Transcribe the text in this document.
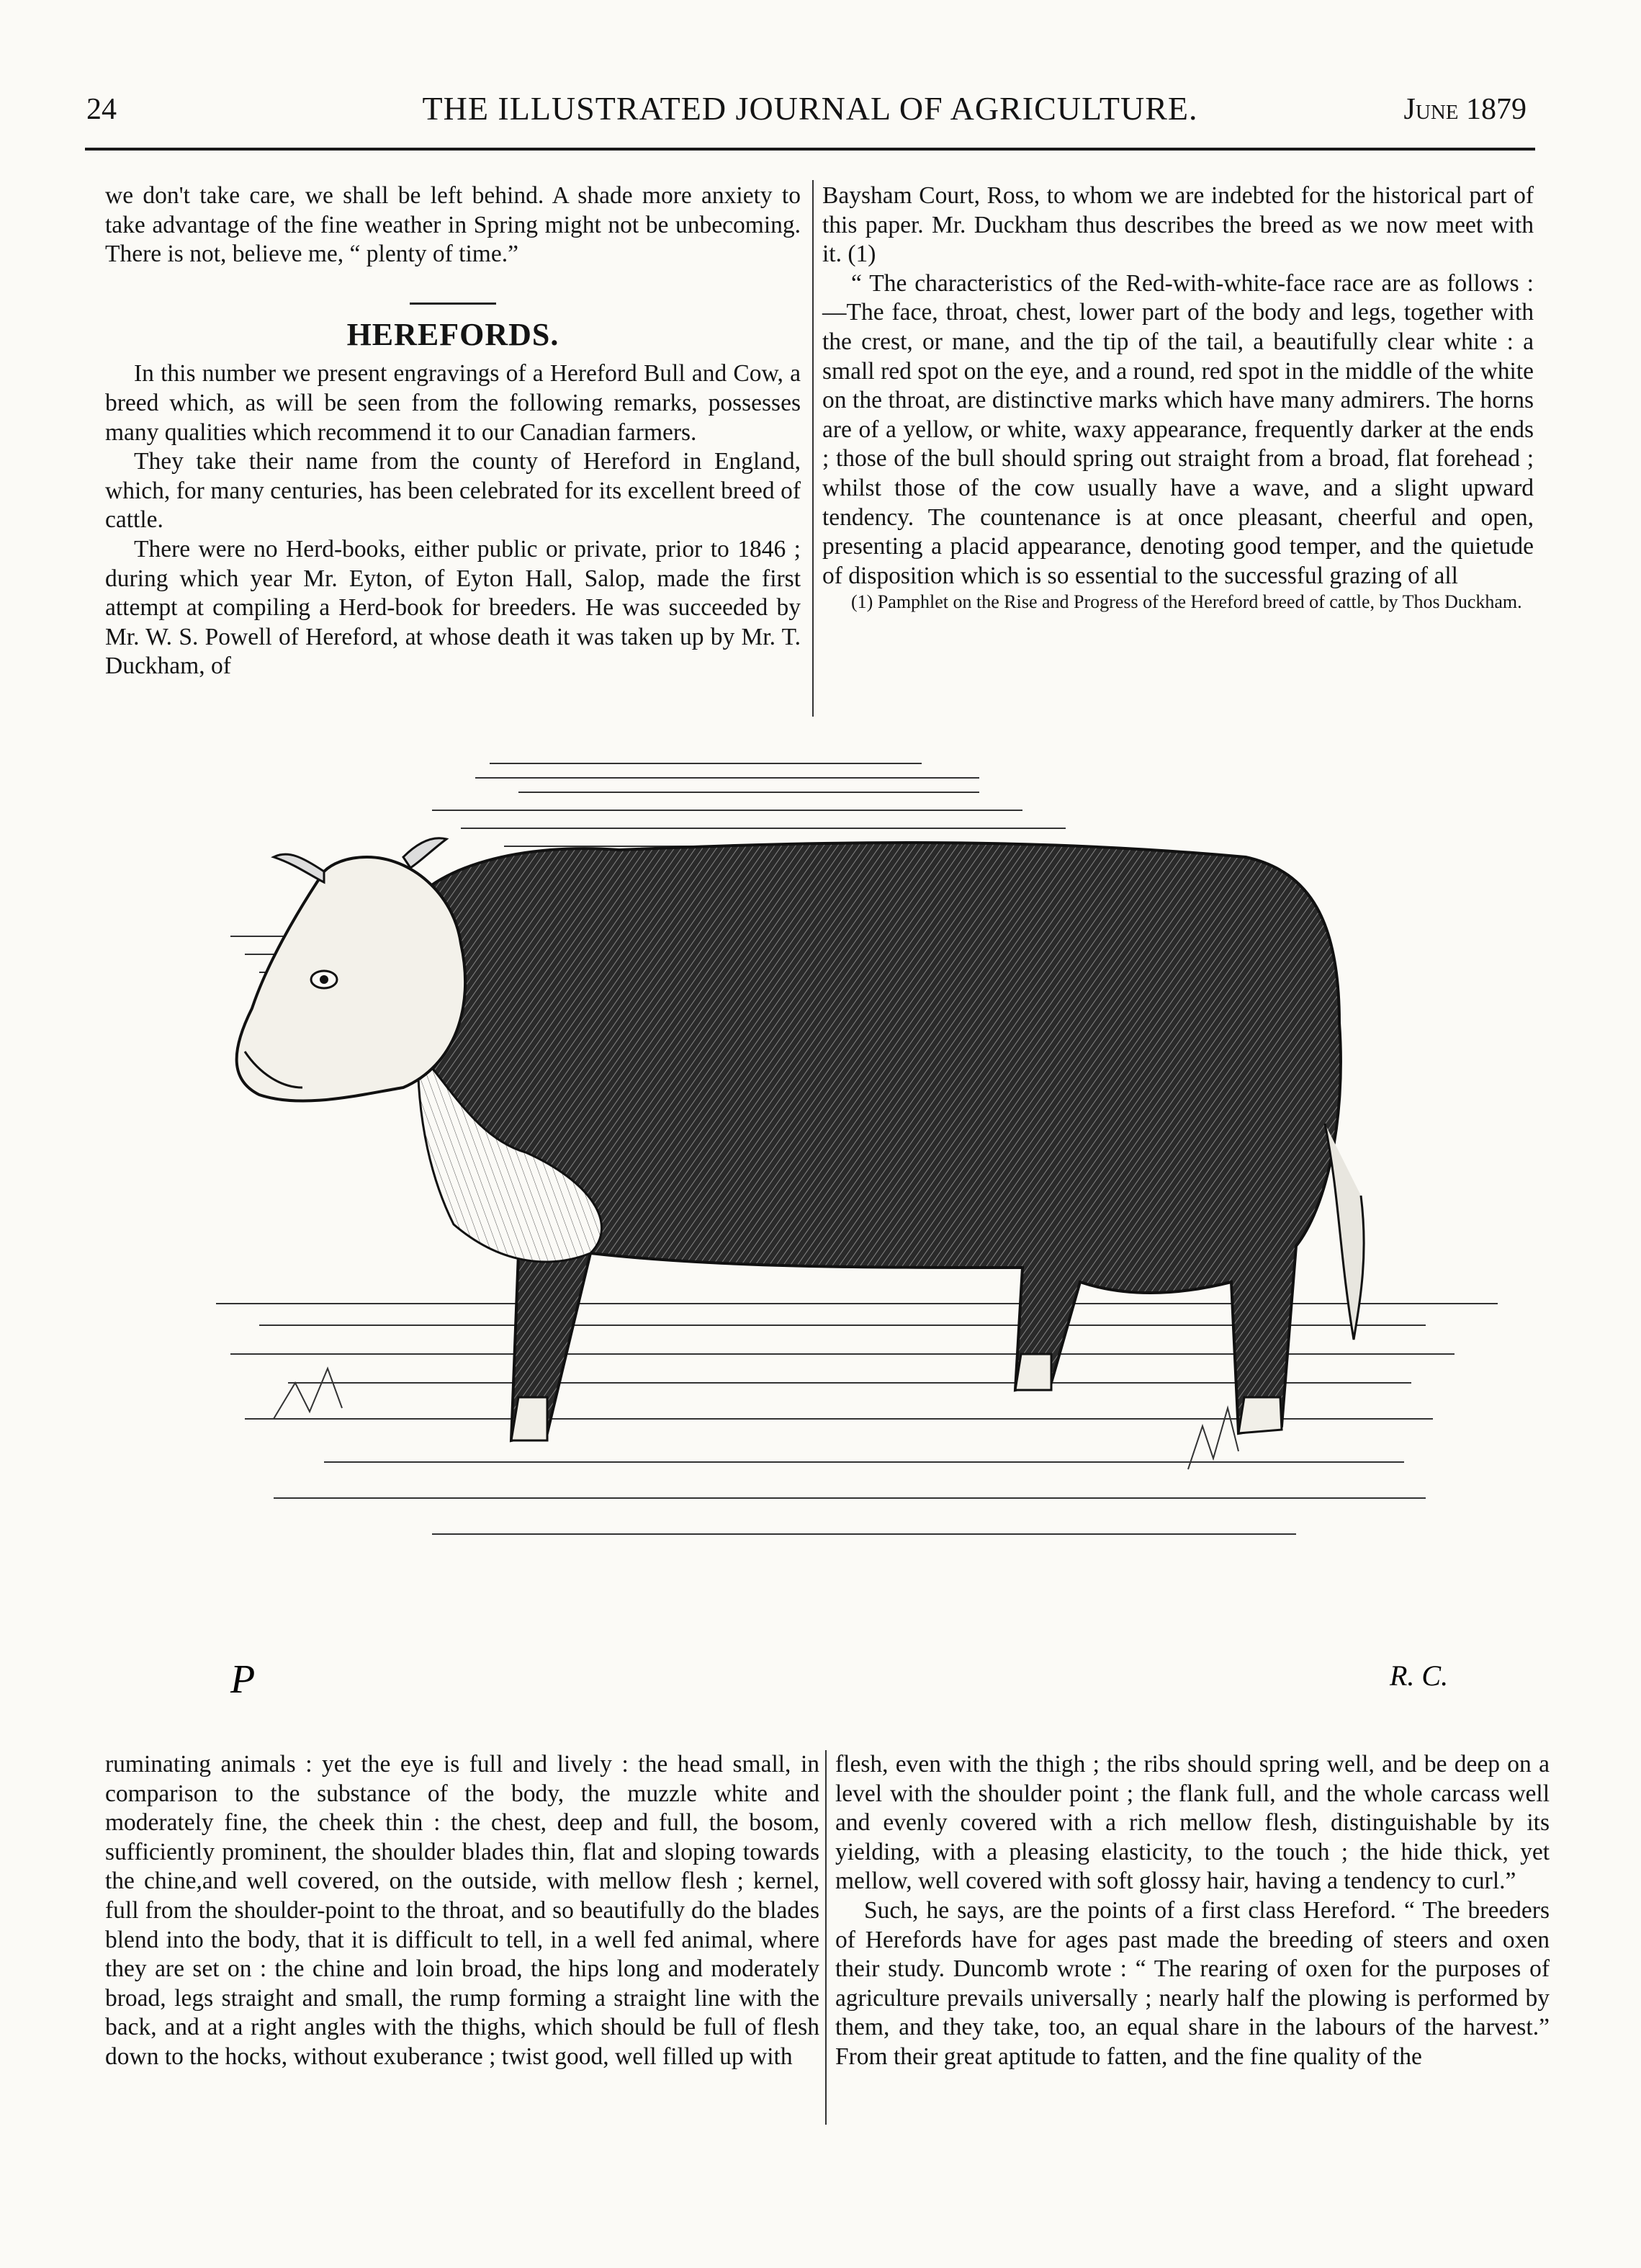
24	THE ILLUSTRATED JOURNAL OF AGRICULTURE.	June 1879

we don't take care, we shall be left behind. A shade more anxiety to take advantage of the fine weather in Spring might not be unbecoming. There is not, believe me, “ plenty of time.”

HEREFORDS.

In this number we present engravings of a Hereford Bull and Cow, a breed which, as will be seen from the following remarks, possesses many qualities which recommend it to our Canadian farmers.

They take their name from the county of Hereford in England, which, for many centuries, has been celebrated for its excellent breed of cattle.

There were no Herd-books, either public or private, prior to 1846 ; during which year Mr. Eyton, of Eyton Hall, Salop, made the first attempt at compiling a Herd-book for breeders. He was succeeded by Mr. W. S. Powell of Hereford, at whose death it was taken up by Mr. T. Duckham, of

Baysham Court, Ross, to whom we are indebted for the historical part of this paper. Mr. Duckham thus describes the breed as we now meet with it. (1)

“ The characteristics of the Red-with-white-face race are as follows :—The face, throat, chest, lower part of the body and legs, together with the crest, or mane, and the tip of the tail, a beautifully clear white : a small red spot on the eye, and a round, red spot in the middle of the white on the throat, are distinctive marks which have many admirers. The horns are of a yellow, or white, waxy appearance, frequently darker at the ends ; those of the bull should spring out straight from a broad, flat forehead ; whilst those of the cow usually have a wave, and a slight upward tendency. The countenance is at once pleasant, cheerful and open, presenting a placid appearance, denoting good temper, and the quietude of disposition which is so essential to the successful grazing of all

(1) Pamphlet on the Rise and Progress of the Hereford breed of cattle, by Thos Duckham.

P	R. C.

ruminating animals : yet the eye is full and lively : the head small, in comparison to the substance of the body, the muzzle white and moderately fine, the cheek thin : the chest, deep and full, the bosom, sufficiently prominent, the shoulder blades thin, flat and sloping towards the chine,and well covered, on the outside, with mellow flesh ; kernel, full from the shoulder-point to the throat, and so beautifully do the blades blend into the body, that it is difficult to tell, in a well fed animal, where they are set on : the chine and loin broad, the hips long and moderately broad, legs straight and small, the rump forming a straight line with the back, and at a right angles with the thighs, which should be full of flesh down to the hocks, without exuberance ; twist good, well filled up with

flesh, even with the thigh ; the ribs should spring well, and be deep on a level with the shoulder point ; the flank full, and the whole carcass well and evenly covered with a rich mellow flesh, distinguishable by its yielding, with a pleasing elasticity, to the touch ; the hide thick, yet mellow, well covered with soft glossy hair, having a tendency to curl.”

Such, he says, are the points of a first class Hereford. “ The breeders of Herefords have for ages past made the breeding of steers and oxen their study. Duncomb wrote : “ The rearing of oxen for the purposes of agriculture prevails universally ; nearly half the plowing is performed by them, and they take, too, an equal share in the labours of the harvest.” From their great aptitude to fatten, and the fine quality of the
